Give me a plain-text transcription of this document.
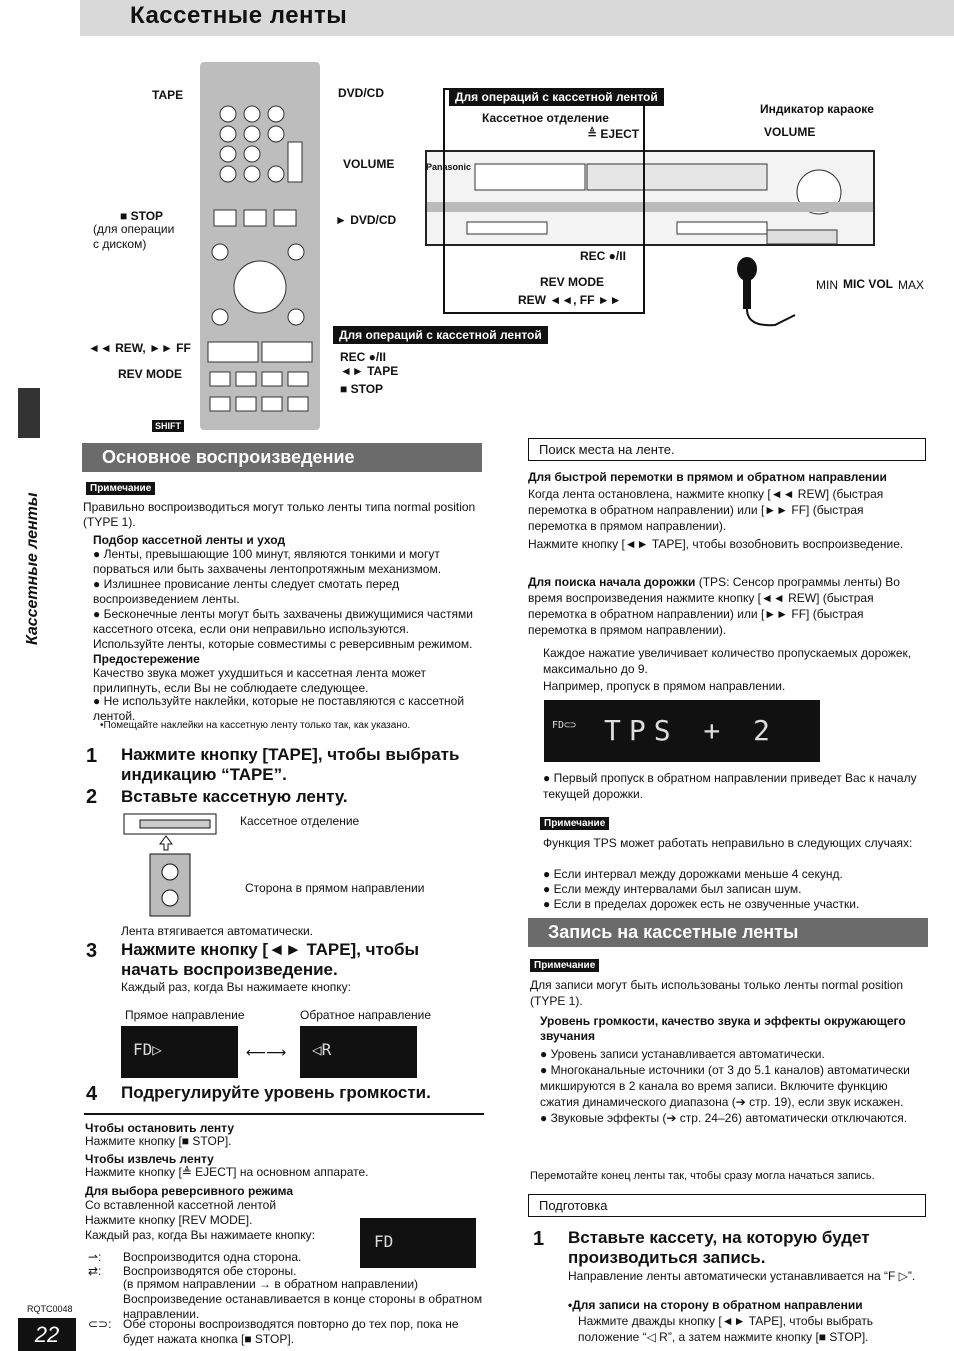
Кассетные ленты
Кассетные ленты
TAPE	DVD/CD
VOLUME
■ STOP
(для операции
с диском)
► DVD/CD
◄◄ REW, ►► FF
REV MODE
SHIFT
Для операций с кассетной лентой
REC ●/II
◄► TAPE
■ STOP
Panasonic
Для операций с кассетной лентой
Кассетное отделение
≜ EJECT
Индикатор караоке
VOLUME
REC ●/II
REV MODE
REW ◄◄, FF ►►
MIN MIC VOL MAX
Основное воспроизведение
Примечание
Правильно воспроизводиться могут только ленты типа normal position (TYPE 1).
Подбор кассетной ленты и уход
● Ленты, превышающие 100 минут, являются тонкими и могут порваться или быть захвачены лентопротяжным механизмом.
● Излишнее провисание ленты следует смотать перед воспроизведением ленты.
● Бесконечные ленты могут быть захвачены движущимися частями кассетного отсека, если они неправильно используются. Используйте ленты, которые совместимы с реверсивным режимом.
Предостережение
Качество звука может ухудшиться и кассетная лента может прилипнуть, если Вы не соблюдаете следующее.
● Не используйте наклейки, которые не поставляются с кассетной лентой.
•Помещайте наклейки на кассетную ленту только так, как указано.
1 Нажмите кнопку [TAPE], чтобы выбрать индикацию “TAPE”.
2 Вставьте кассетную ленту.
Кассетное отделение
Сторона в прямом направлении
Лента втягивается автоматически.
3 Нажмите кнопку [◄► TAPE], чтобы начать воспроизведение.
Каждый раз, когда Вы нажимаете кнопку:
Прямое направление	Обратное направление
FD▷	⟵⟶	◁R
4 Подрегулируйте уровень громкости.
Чтобы остановить ленту
Нажмите кнопку [■ STOP].
Чтобы извлечь ленту
Нажмите кнопку [≜ EJECT] на основном аппарате.
Для выбора реверсивного режима
Со вставленной кассетной лентой
Нажмите кнопку [REV MODE].
Каждый раз, когда Вы нажимаете кнопку:	FD
⇀: Воспроизводится одна сторона.
⇄: Воспроизводятся обе стороны.
(в прямом направлении → в обратном направлении)
Воспроизведение останавливается в конце стороны в обратном направлении.
⊂⊃: Обе стороны воспроизводятся повторно до тех пор, пока не будет нажата кнопка [■ STOP].
RQTC0048
22
Поиск места на ленте.
Для быстрой перемотки в прямом и обратном направлении
Когда лента остановлена, нажмите кнопку [◄◄ REW] (быстрая перемотка в обратном направлении) или [►► FF] (быстрая перемотка в прямом направлении).
Нажмите кнопку [◄► TAPE], чтобы возобновить воспроизведение.
Для поиска начала дорожки (TPS: Сенсор программы ленты) Во время воспроизведения нажмите кнопку [◄◄ REW] (быстрая перемотка в обратном направлении) или [►► FF] (быстрая перемотка в прямом направлении).
Каждое нажатие увеличивает количество пропускаемых дорожек, максимально до 9.
Например, пропуск в прямом направлении.
FD⊂⊃ TPS + 2
● Первый пропуск в обратном направлении приведет Вас к началу текущей дорожки.
Примечание
Функция TPS может работать неправильно в следующих случаях:
● Если интервал между дорожками меньше 4 секунд.
● Если между интервалами был записан шум.
● Если в пределах дорожек есть не озвученные участки.
Запись на кассетные ленты
Примечание
Для записи могут быть использованы только ленты normal position (TYPE 1).
Уровень громкости, качество звука и эффекты окружающего звучания
● Уровень записи устанавливается автоматически.
● Многоканальные источники (от 3 до 5.1 каналов) автоматически микшируются в 2 канала во время записи. Включите функцию сжатия динамического диапазона (➔ стр. 19), если звук искажен.
● Звуковые эффекты (➔ стр. 24–26) автоматически отключаются.
Перемотайте конец ленты так, чтобы сразу могла начаться запись.
Подготовка
1 Вставьте кассету, на которую будет производиться запись.
Направление ленты автоматически устанавливается на “F ▷”.
•Для записи на сторону в обратном направлении
Нажмите дважды кнопку [◄► TAPE], чтобы выбрать положение “◁ R”, а затем нажмите кнопку [■ STOP].
